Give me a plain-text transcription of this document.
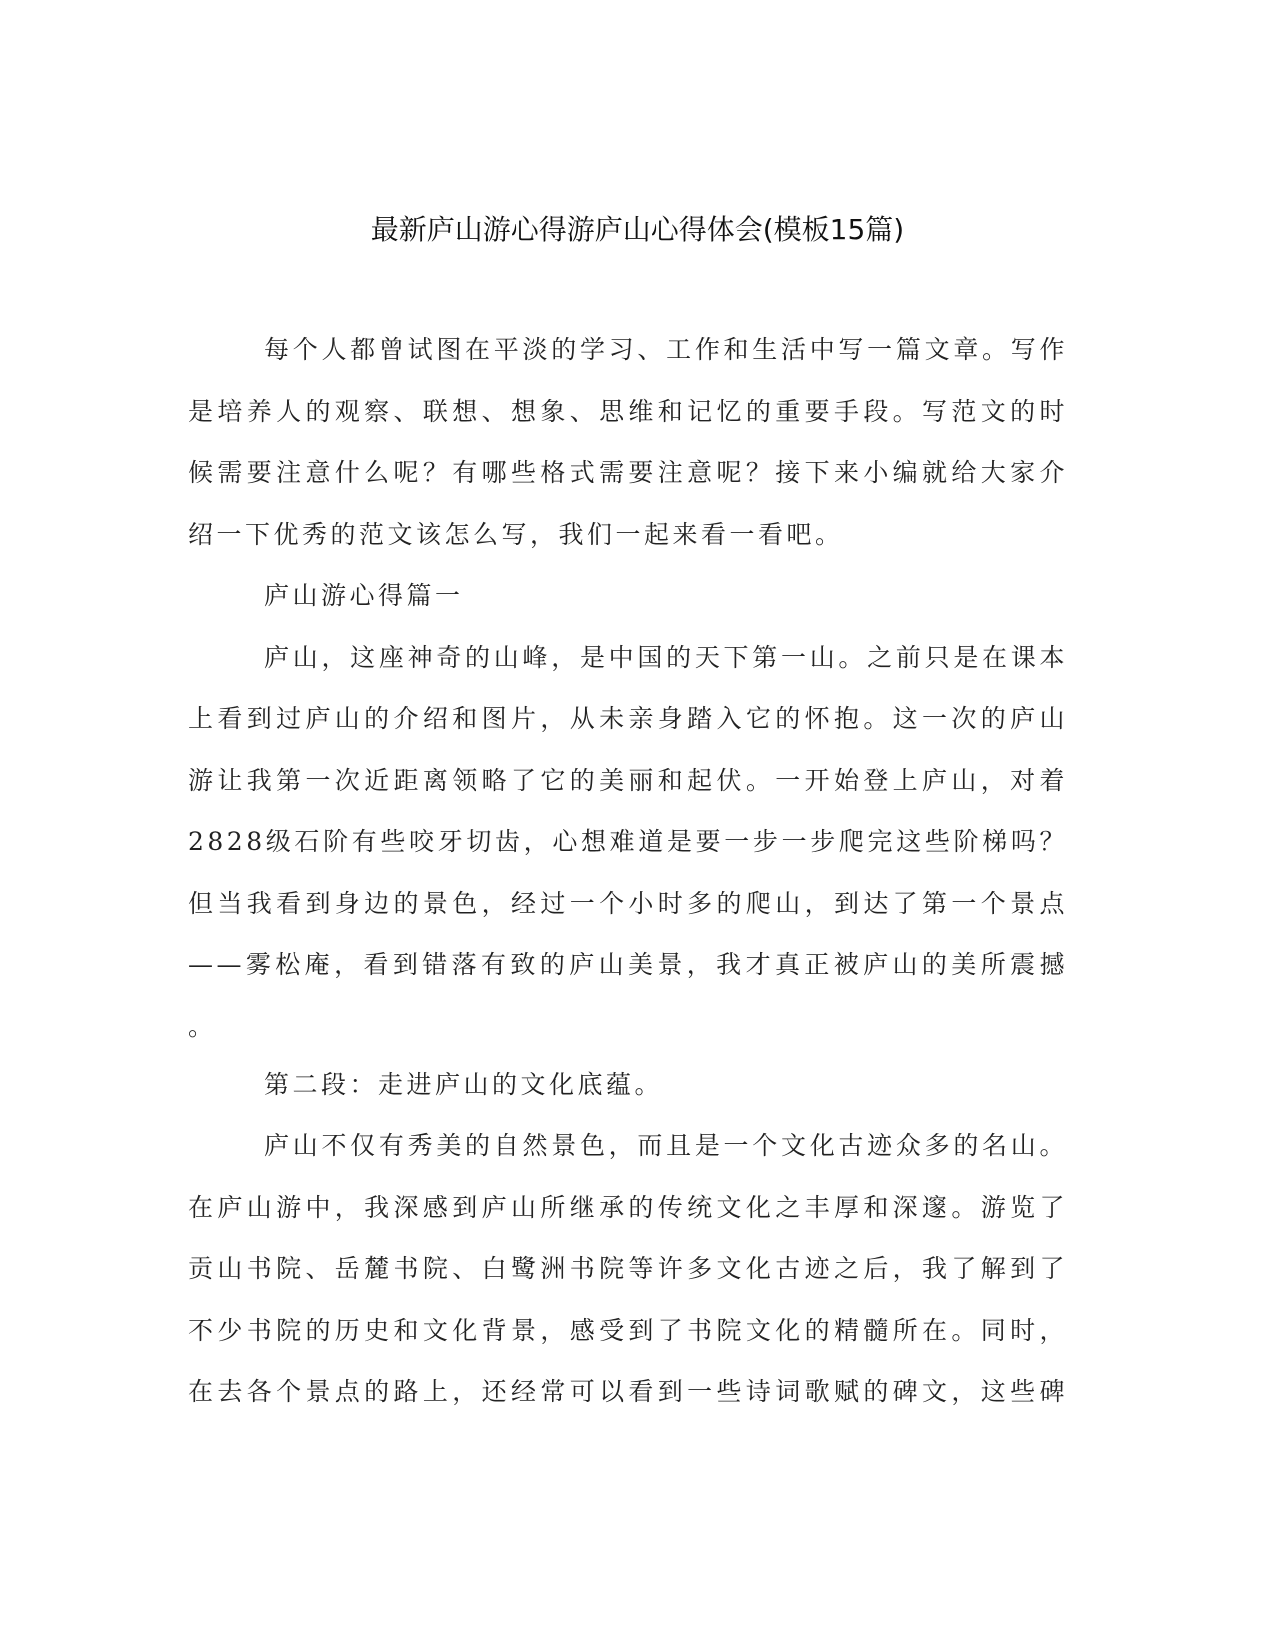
最新庐山游心得游庐山心得体会(模板15篇)
每个人都曾试图在平淡的学习、工作和生活中写一篇文章。写作
是培养人的观察、联想、想象、思维和记忆的重要手段。写范文的时
候需要注意什么呢？有哪些格式需要注意呢？接下来小编就给大家介
绍一下优秀的范文该怎么写，我们一起来看一看吧。
庐山游心得篇一
庐山，这座神奇的山峰，是中国的天下第一山。之前只是在课本
上看到过庐山的介绍和图片，从未亲身踏入它的怀抱。这一次的庐山
游让我第一次近距离领略了它的美丽和起伏。一开始登上庐山，对着
2828级石阶有些咬牙切齿，心想难道是要一步一步爬完这些阶梯吗？
但当我看到身边的景色，经过一个小时多的爬山，到达了第一个景点
——雾松庵，看到错落有致的庐山美景，我才真正被庐山的美所震撼
。
第二段：走进庐山的文化底蕴。
庐山不仅有秀美的自然景色，而且是一个文化古迹众多的名山。
在庐山游中，我深感到庐山所继承的传统文化之丰厚和深邃。游览了
贡山书院、岳麓书院、白鹭洲书院等许多文化古迹之后，我了解到了
不少书院的历史和文化背景，感受到了书院文化的精髓所在。同时，
在去各个景点的路上，还经常可以看到一些诗词歌赋的碑文，这些碑
